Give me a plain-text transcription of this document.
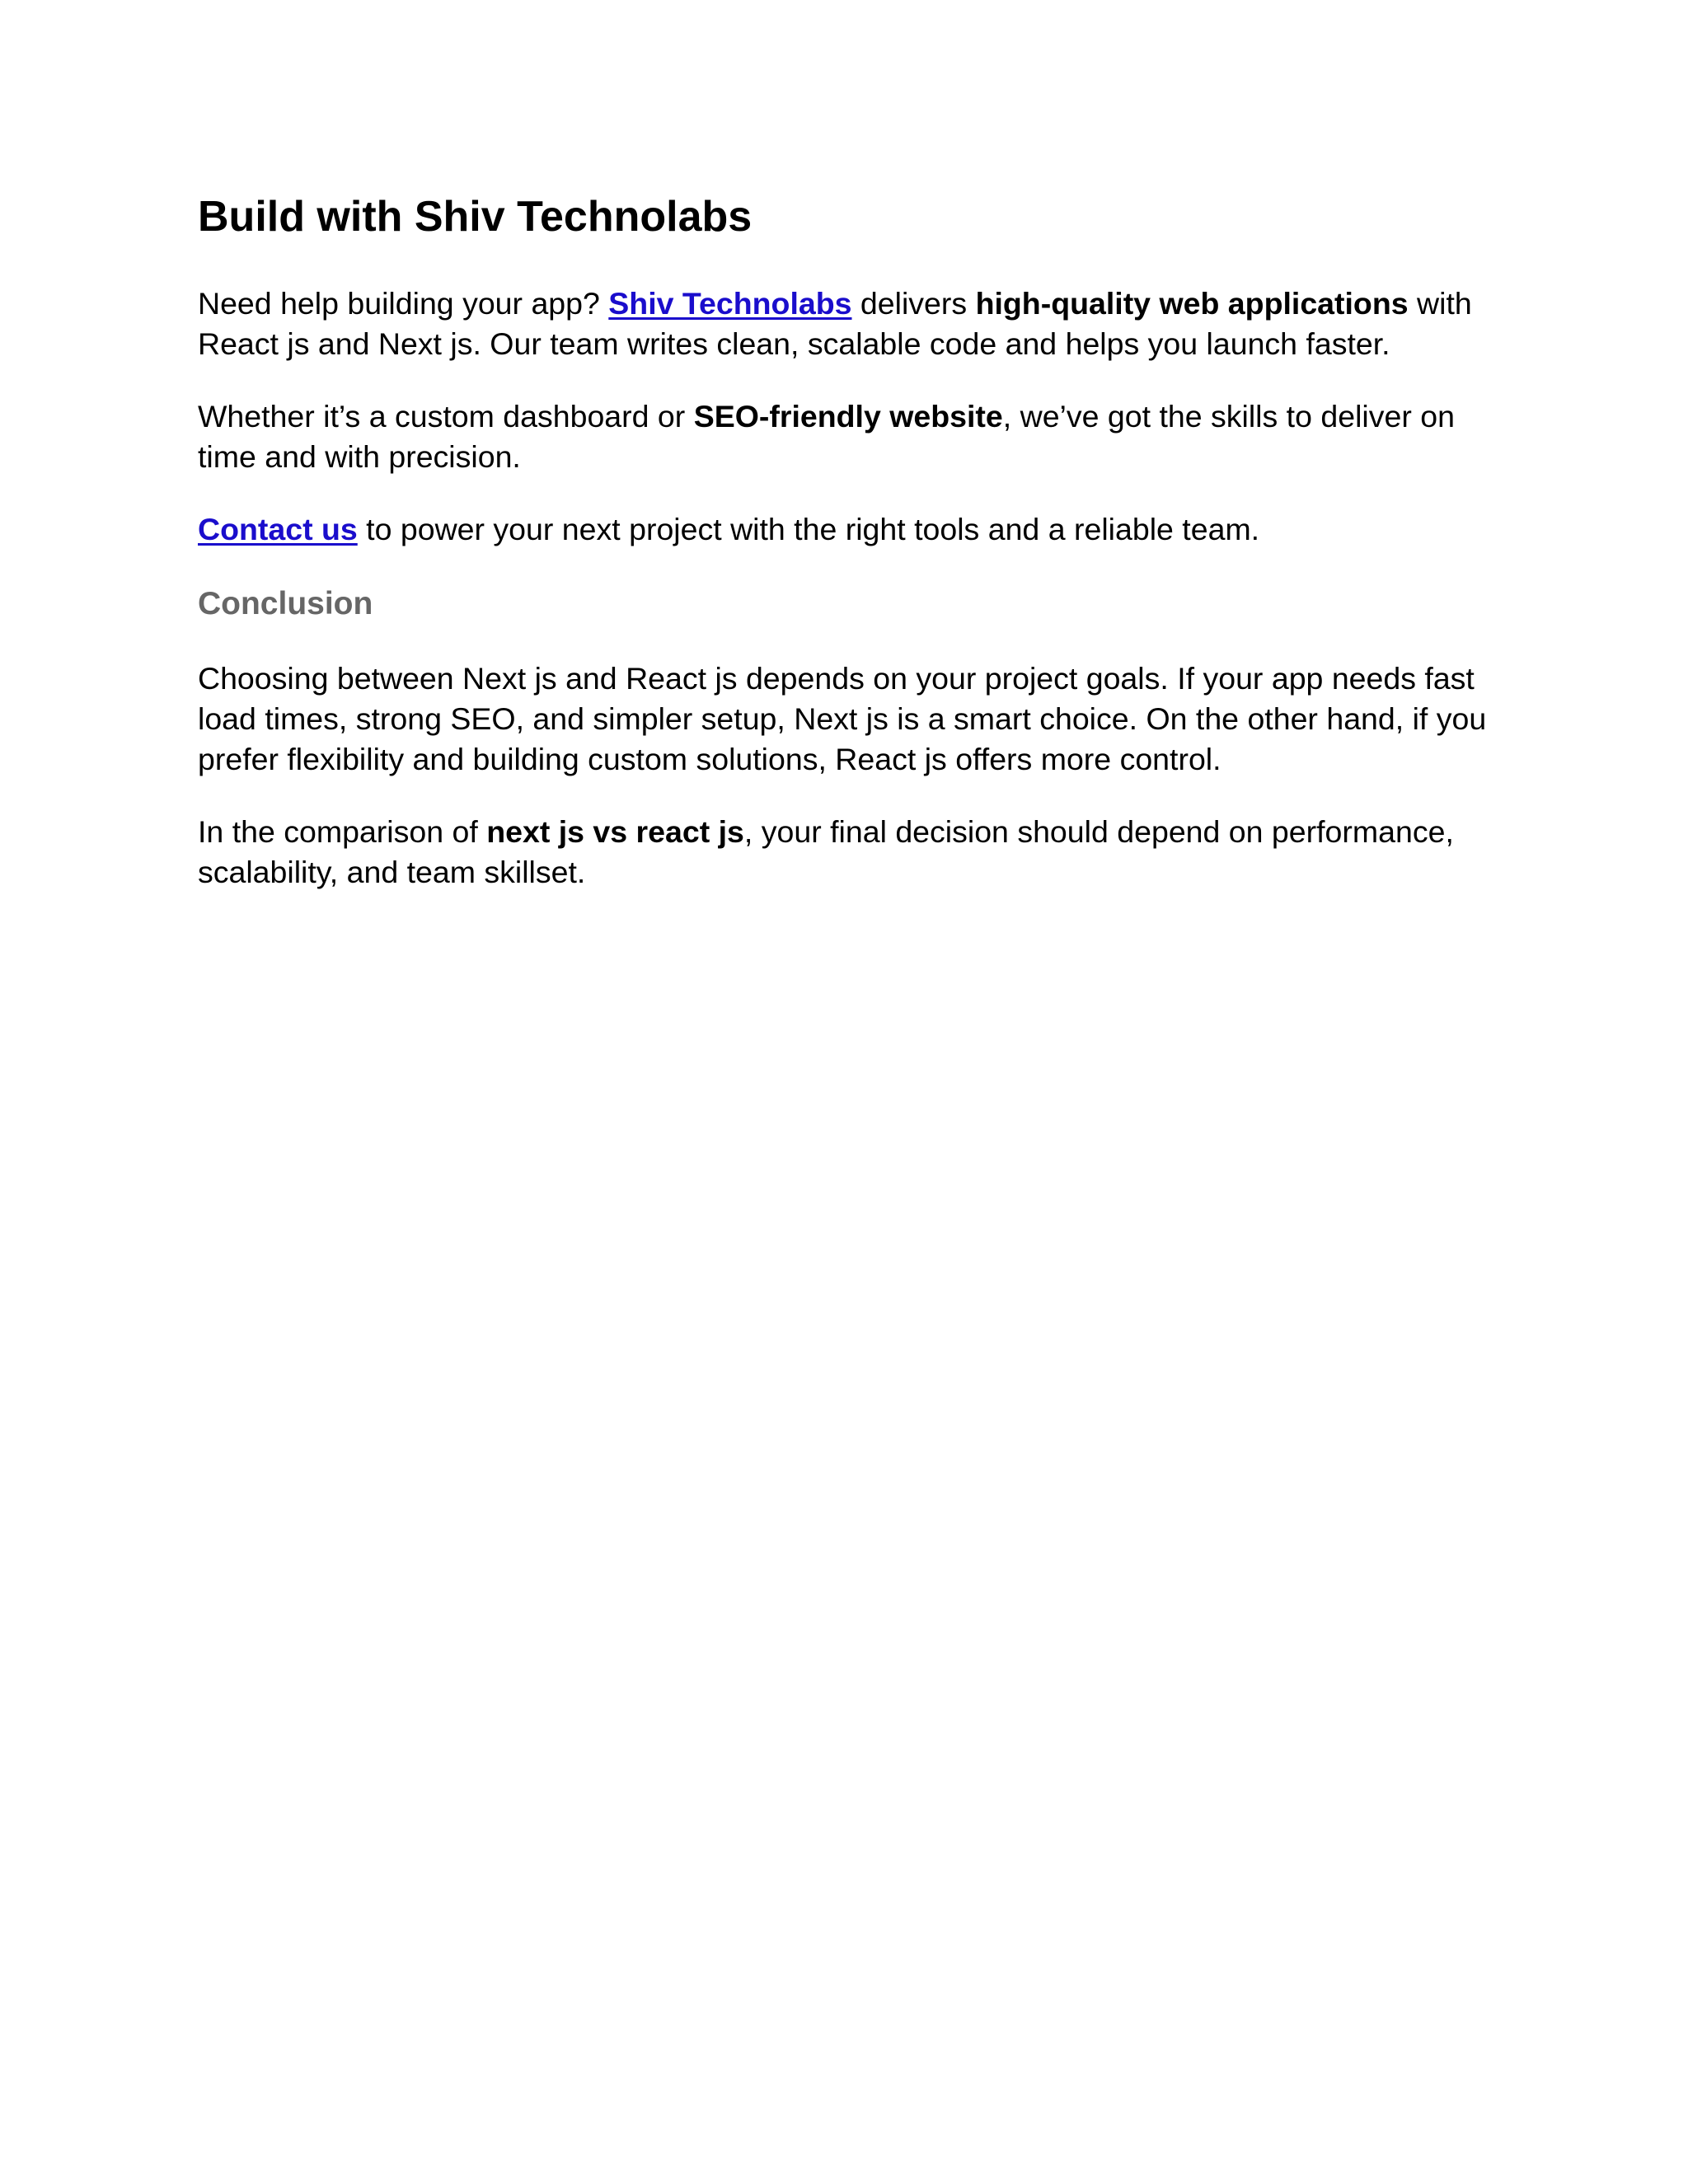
Build with Shiv Technolabs

Need help building your app? Shiv Technolabs delivers high-quality web applications with React js and Next js. Our team writes clean, scalable code and helps you launch faster.

Whether it’s a custom dashboard or SEO-friendly website, we’ve got the skills to deliver on time and with precision.

Contact us to power your next project with the right tools and a reliable team.

Conclusion

Choosing between Next js and React js depends on your project goals. If your app needs fast load times, strong SEO, and simpler setup, Next js is a smart choice. On the other hand, if you prefer flexibility and building custom solutions, React js offers more control.

In the comparison of next js vs react js, your final decision should depend on performance, scalability, and team skillset.
